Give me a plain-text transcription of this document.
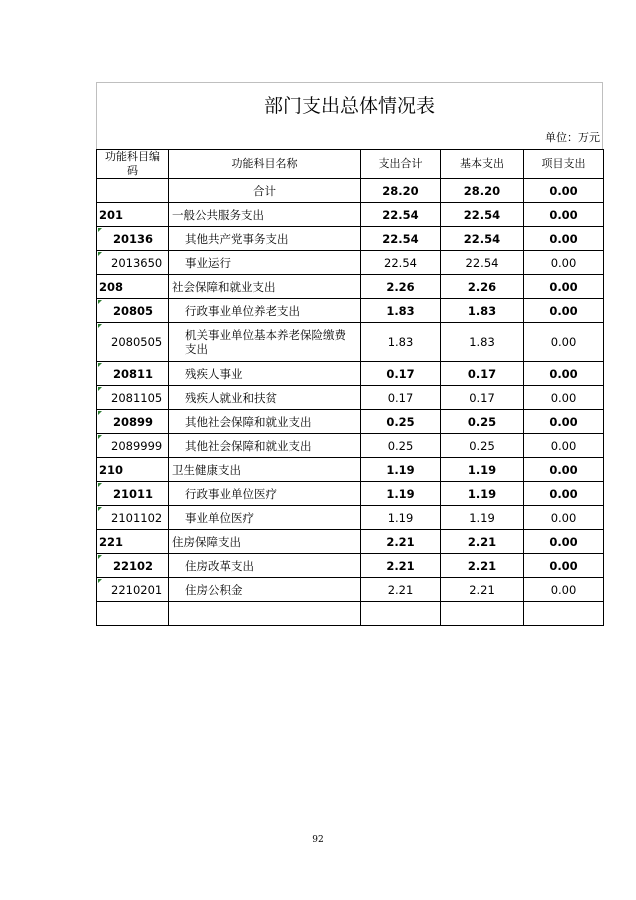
部门支出总体情况表
单位：万元
功能科目编码	功能科目名称	支出合计	基本支出	项目支出
	合计	28.20	28.20	0.00
201	一般公共服务支出	22.54	22.54	0.00
20136	其他共产党事务支出	22.54	22.54	0.00
2013650	事业运行	22.54	22.54	0.00
208	社会保障和就业支出	2.26	2.26	0.00
20805	行政事业单位养老支出	1.83	1.83	0.00
2080505	机关事业单位基本养老保险缴费支出	1.83	1.83	0.00
20811	残疾人事业	0.17	0.17	0.00
2081105	残疾人就业和扶贫	0.17	0.17	0.00
20899	其他社会保障和就业支出	0.25	0.25	0.00
2089999	其他社会保障和就业支出	0.25	0.25	0.00
210	卫生健康支出	1.19	1.19	0.00
21011	行政事业单位医疗	1.19	1.19	0.00
2101102	事业单位医疗	1.19	1.19	0.00
221	住房保障支出	2.21	2.21	0.00
22102	住房改革支出	2.21	2.21	0.00
2210201	住房公积金	2.21	2.21	0.00

92
